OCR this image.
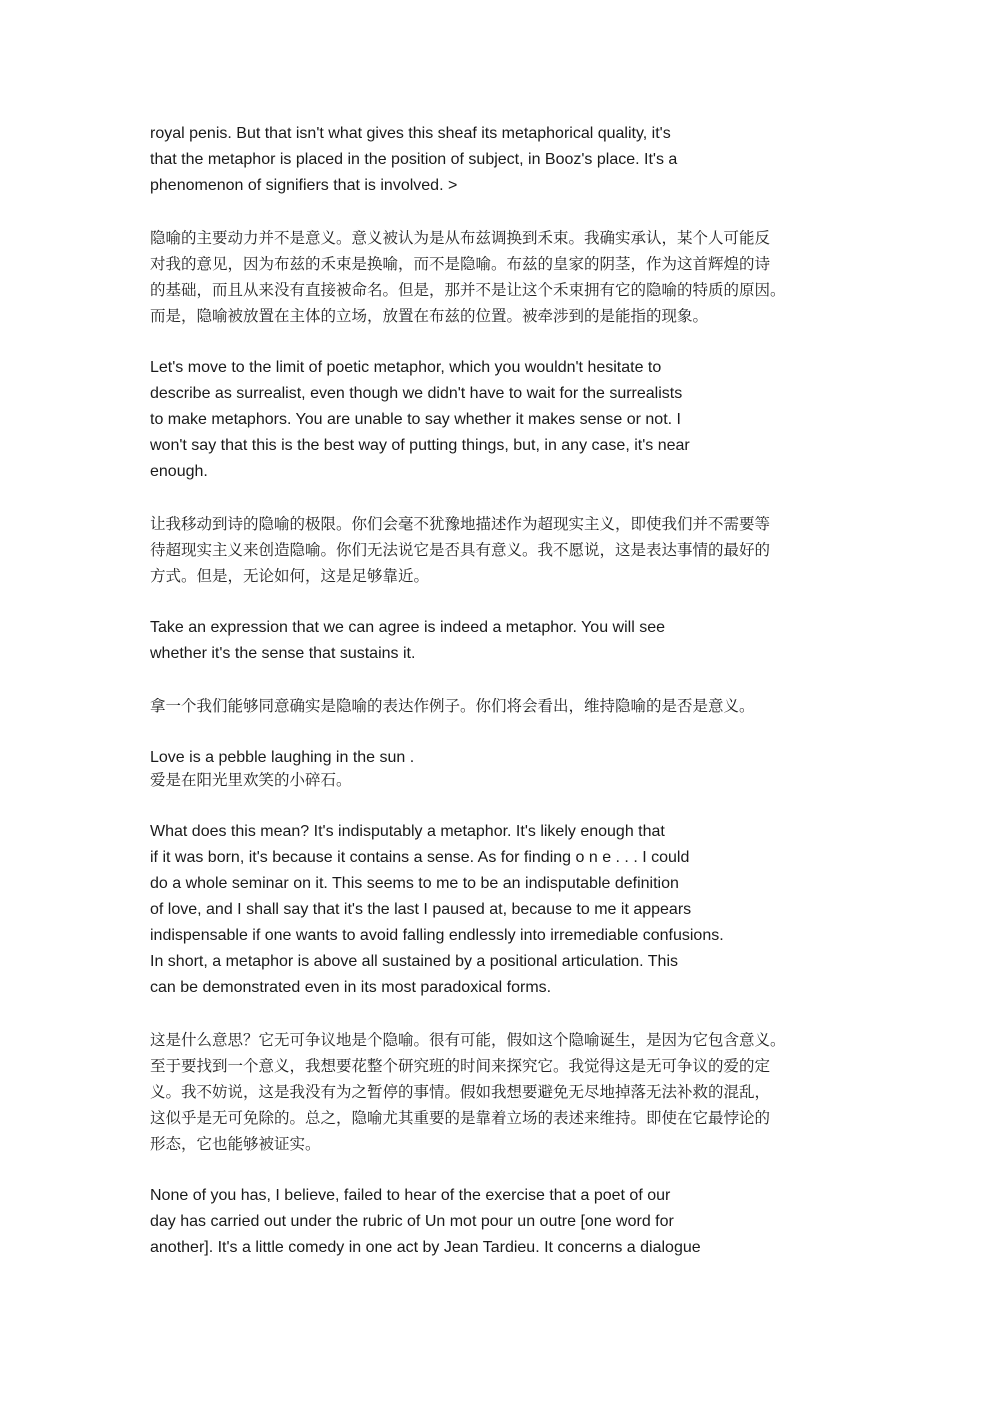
royal penis. But that isn't what gives this sheaf its metaphorical quality, it's
that the metaphor is placed in the position of subject, in Booz's place. It's a
phenomenon of signifiers that is involved. >

隐喻的主要动力并不是意义。意义被认为是从布兹调换到禾束。我确实承认，某个人可能反
对我的意见，因为布兹的禾束是换喻，而不是隐喻。布兹的皇家的阴茎，作为这首辉煌的诗
的基础，而且从来没有直接被命名。但是，那并不是让这个禾束拥有它的隐喻的特质的原因。
而是，隐喻被放置在主体的立场，放置在布兹的位置。被牵涉到的是能指的现象。

Let's move to the limit of poetic metaphor, which you wouldn't hesitate to
describe as surrealist, even though we didn't have to wait for the surrealists
to make metaphors. You are unable to say whether it makes sense or not. I
won't say that this is the best way of putting things, but, in any case, it's near
enough.

让我移动到诗的隐喻的极限。你们会毫不犹豫地描述作为超现实主义，即使我们并不需要等
待超现实主义来创造隐喻。你们无法说它是否具有意义。我不愿说，这是表达事情的最好的
方式。但是，无论如何，这是足够靠近。

Take an expression that we can agree is indeed a metaphor. You will see
whether it's the sense that sustains it.

拿一个我们能够同意确实是隐喻的表达作例子。你们将会看出，维持隐喻的是否是意义。

Love is a pebble laughing in the sun .

爱是在阳光里欢笑的小碎石。

What does this mean? It's indisputably a metaphor. It's likely enough that
if it was born, it's because it contains a sense. As for finding o n e . . . I could
do a whole seminar on it. This seems to me to be an indisputable definition
of love, and I shall say that it's the last I paused at, because to me it appears
indispensable if one wants to avoid falling endlessly into irremediable confusions.
In short, a metaphor is above all sustained by a positional articulation. This
can be demonstrated even in its most paradoxical forms.

这是什么意思？它无可争议地是个隐喻。很有可能，假如这个隐喻诞生，是因为它包含意义。
至于要找到一个意义，我想要花整个研究班的时间来探究它。我觉得这是无可争议的爱的定
义。我不妨说，这是我没有为之暂停的事情。假如我想要避免无尽地掉落无法补救的混乱，
这似乎是无可免除的。总之，隐喻尤其重要的是靠着立场的表述来维持。即使在它最悖论的
形态，它也能够被证实。

None of you has, I believe, failed to hear of the exercise that a poet of our
day has carried out under the rubric of Un mot pour un outre [one word for
another]. It's a little comedy in one act by Jean Tardieu. It concerns a dialogue
